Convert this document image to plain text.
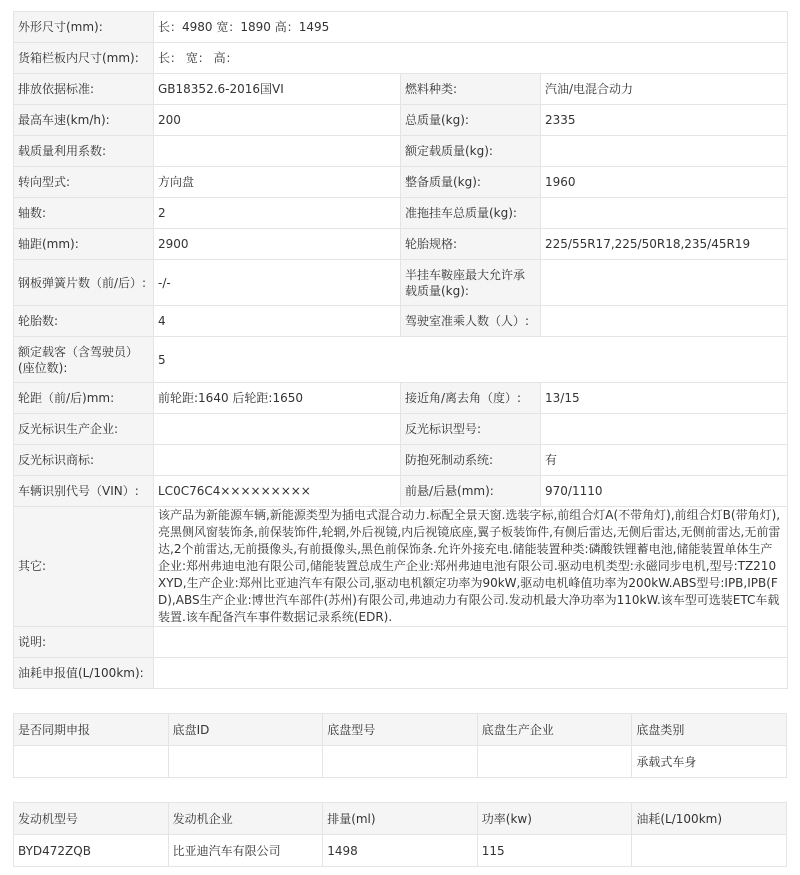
外形尺寸(mm):	长：4980 宽：1890 高：1495		
货箱栏板内尺寸(mm):	长： 宽： 高：		
排放依据标准:	GB18352.6-2016国VI	燃料种类:	汽油/电混合动力
最高车速(km/h):	200	总质量(kg):	2335
载质量利用系数:		额定载质量(kg):	
转向型式:	方向盘	整备质量(kg):	1960
轴数:	2	准拖挂车总质量(kg):	
轴距(mm):	2900	轮胎规格:	225/55R17,225/50R18,235/45R19
钢板弹簧片数（前/后）:	-/-	半挂车鞍座最大允许承载质量(kg):	
轮胎数:	4	驾驶室准乘人数（人）:	
额定载客（含驾驶员）(座位数):	5		
轮距（前/后)mm:	前轮距:1640 后轮距:1650	接近角/离去角（度）:	13/15
反光标识生产企业:		反光标识型号:	
反光标识商标:		防抱死制动系统:	有
车辆识别代号（VIN）:	LC0C76C4×××××××××	前悬/后悬(mm):	970/1110
其它:	该产品为新能源车辆,新能源类型为插电式混合动力.标配全景天窗.选装字标,前组合灯A(不带角灯),前组合灯B(带角灯),亮黑侧风窗装饰条,前保装饰件,轮辋,外后视镜,内后视镜底座,翼子板装饰件,有侧后雷达,无侧后雷达,无侧前雷达,无前雷达,2个前雷达,无前摄像头,有前摄像头,黑色前保饰条.允许外接充电.储能装置种类:磷酸铁锂蓄电池,储能装置单体生产企业:郑州弗迪电池有限公司,储能装置总成生产企业:郑州弗迪电池有限公司.驱动电机类型:永磁同步电机,型号:TZ210XYD,生产企业:郑州比亚迪汽车有限公司,驱动电机额定功率为90kW,驱动电机峰值功率为200kW.ABS型号:IPB,IPB(FD),ABS生产企业:博世汽车部件(苏州)有限公司,弗迪动力有限公司.发动机最大净功率为110kW.该车型可选装ETC车载装置.该车配备汽车事件数据记录系统(EDR).		
说明:			
油耗申报值(L/100km):			
是否同期申报	底盘ID	底盘型号	底盘生产企业	底盘类别
				承载式车身
发动机型号	发动机企业	排量(ml)	功率(kw)	油耗(L/100km)
BYD472ZQB	比亚迪汽车有限公司	1498	115	
